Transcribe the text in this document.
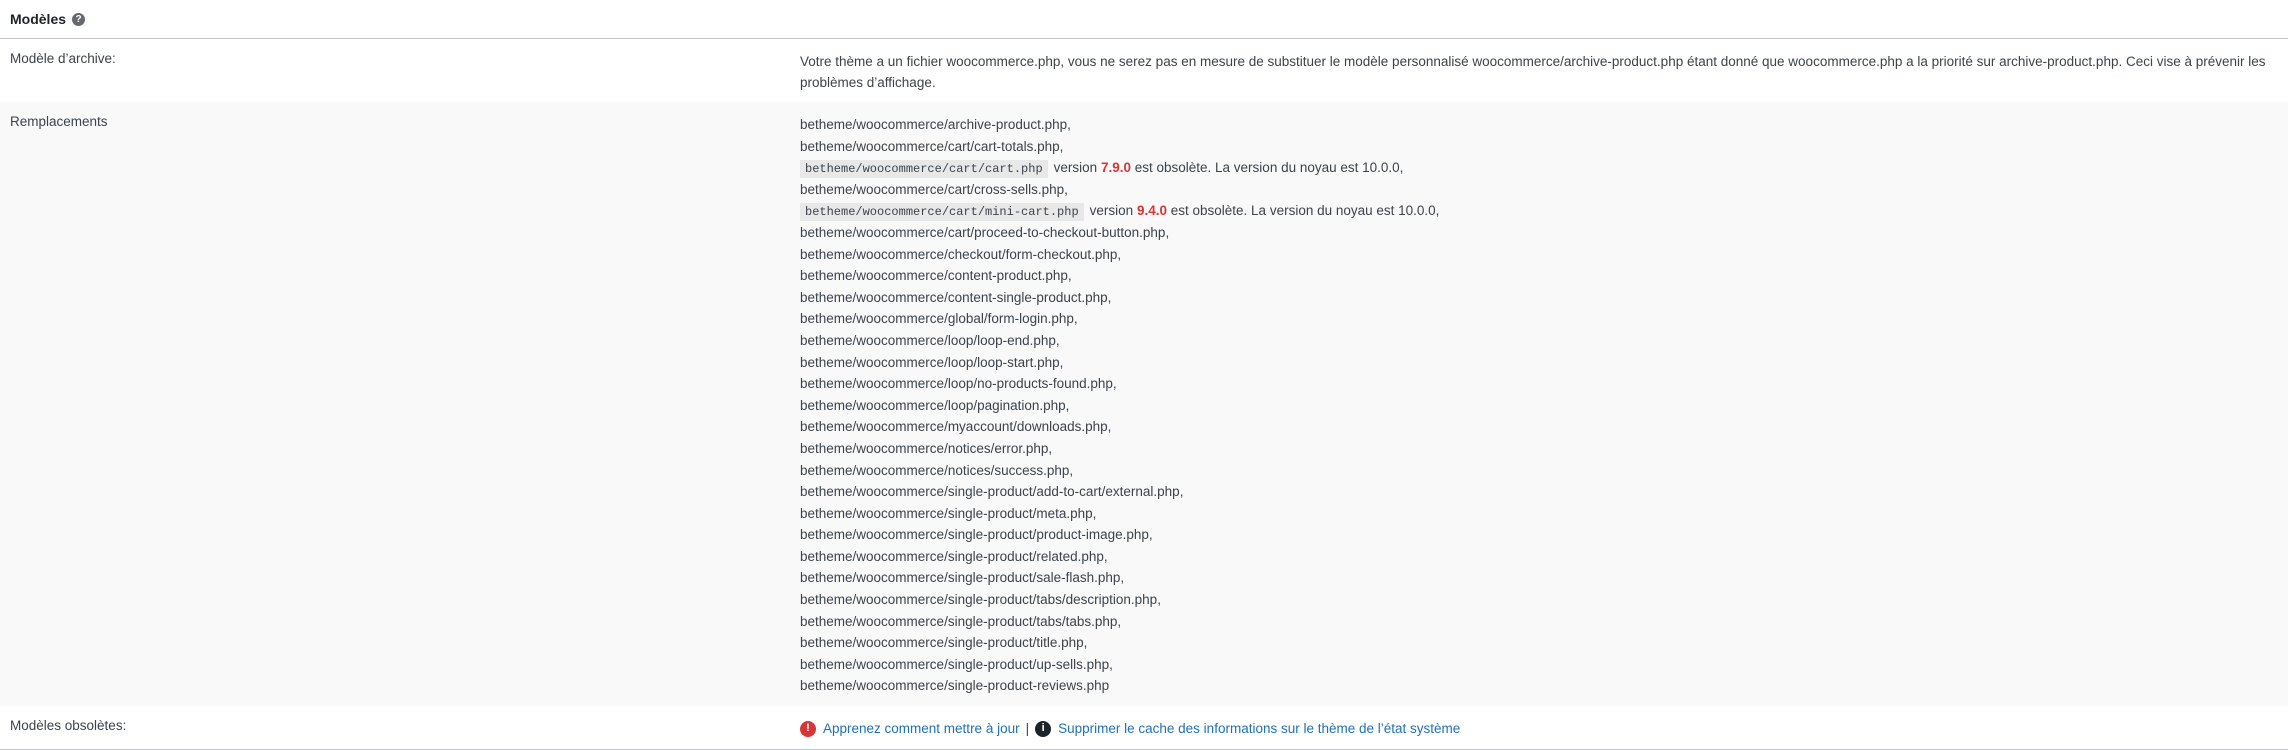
Modèles ?
Modèle d’archive:	Votre thème a un fichier woocommerce.php, vous ne serez pas en mesure de substituer le modèle personnalisé woocommerce/archive-product.php étant donné que woocommerce.php a la priorité sur archive-product.php. Ceci vise à prévenir les problèmes d’affichage.
Remplacements	betheme/woocommerce/archive-product.php,
betheme/woocommerce/cart/cart-totals.php,
betheme/woocommerce/cart/cart.php version 7.9.0 est obsolète. La version du noyau est 10.0.0,
betheme/woocommerce/cart/cross-sells.php,
betheme/woocommerce/cart/mini-cart.php version 9.4.0 est obsolète. La version du noyau est 10.0.0,
betheme/woocommerce/cart/proceed-to-checkout-button.php,
betheme/woocommerce/checkout/form-checkout.php,
betheme/woocommerce/content-product.php,
betheme/woocommerce/content-single-product.php,
betheme/woocommerce/global/form-login.php,
betheme/woocommerce/loop/loop-end.php,
betheme/woocommerce/loop/loop-start.php,
betheme/woocommerce/loop/no-products-found.php,
betheme/woocommerce/loop/pagination.php,
betheme/woocommerce/myaccount/downloads.php,
betheme/woocommerce/notices/error.php,
betheme/woocommerce/notices/success.php,
betheme/woocommerce/single-product/add-to-cart/external.php,
betheme/woocommerce/single-product/meta.php,
betheme/woocommerce/single-product/product-image.php,
betheme/woocommerce/single-product/related.php,
betheme/woocommerce/single-product/sale-flash.php,
betheme/woocommerce/single-product/tabs/description.php,
betheme/woocommerce/single-product/tabs/tabs.php,
betheme/woocommerce/single-product/title.php,
betheme/woocommerce/single-product/up-sells.php,
betheme/woocommerce/single-product-reviews.php
Modèles obsolètes:	! Apprenez comment mettre à jour |	i Supprimer le cache des informations sur le thème de l’état système
